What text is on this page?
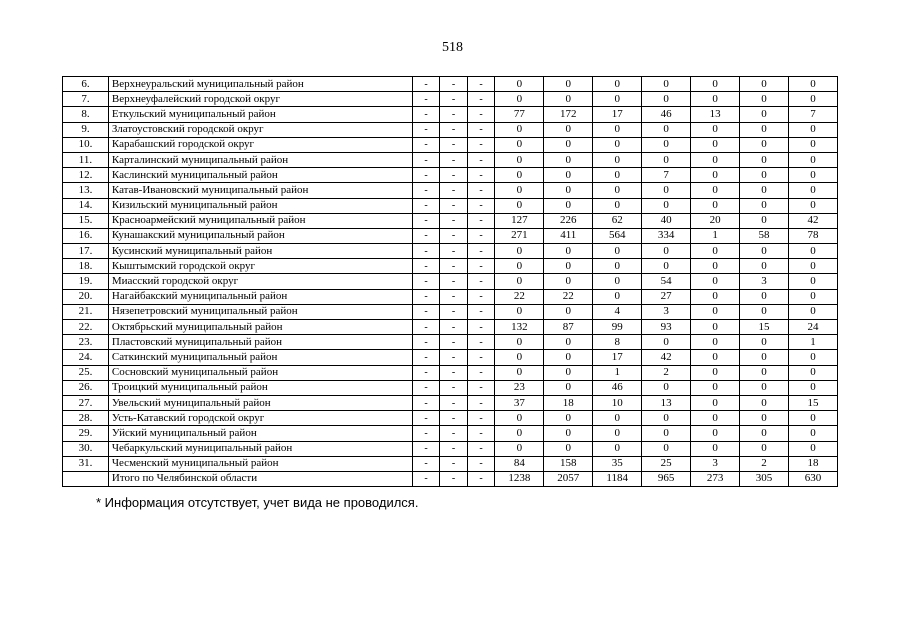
518
6.	Верхнеуральский муниципальный район	-	-	-	0	0	0	0	0	0	0
7.	Верхнеуфалейский городской округ	-	-	-	0	0	0	0	0	0	0
8.	Еткульский муниципальный район	-	-	-	77	172	17	46	13	0	7
9.	Златоустовский городской округ	-	-	-	0	0	0	0	0	0	0
10.	Карабашский городской округ	-	-	-	0	0	0	0	0	0	0
11.	Карталинский муниципальный район	-	-	-	0	0	0	0	0	0	0
12.	Каслинский муниципальный район	-	-	-	0	0	0	7	0	0	0
13.	Катав-Ивановский муниципальный район	-	-	-	0	0	0	0	0	0	0
14.	Кизильский муниципальный район	-	-	-	0	0	0	0	0	0	0
15.	Красноармейский муниципальный район	-	-	-	127	226	62	40	20	0	42
16.	Кунашакский муниципальный район	-	-	-	271	411	564	334	1	58	78
17.	Кусинский муниципальный район	-	-	-	0	0	0	0	0	0	0
18.	Кыштымский городской округ	-	-	-	0	0	0	0	0	0	0
19.	Миасский городской округ	-	-	-	0	0	0	54	0	3	0
20.	Нагайбакский муниципальный район	-	-	-	22	22	0	27	0	0	0
21.	Нязепетровский муниципальный район	-	-	-	0	0	4	3	0	0	0
22.	Октябрьский муниципальный район	-	-	-	132	87	99	93	0	15	24
23.	Пластовский муниципальный район	-	-	-	0	0	8	0	0	0	1
24.	Саткинский муниципальный район	-	-	-	0	0	17	42	0	0	0
25.	Сосновский муниципальный район	-	-	-	0	0	1	2	0	0	0
26.	Троицкий муниципальный район	-	-	-	23	0	46	0	0	0	0
27.	Увельский муниципальный район	-	-	-	37	18	10	13	0	0	15
28.	Усть-Катавский городской округ	-	-	-	0	0	0	0	0	0	0
29.	Уйский муниципальный район	-	-	-	0	0	0	0	0	0	0
30.	Чебаркульский муниципальный район	-	-	-	0	0	0	0	0	0	0
31.	Чесменский муниципальный район	-	-	-	84	158	35	25	3	2	18
	Итого по Челябинской области	-	-	-	1238	2057	1184	965	273	305	630
* Информация отсутствует, учет вида не проводился.
